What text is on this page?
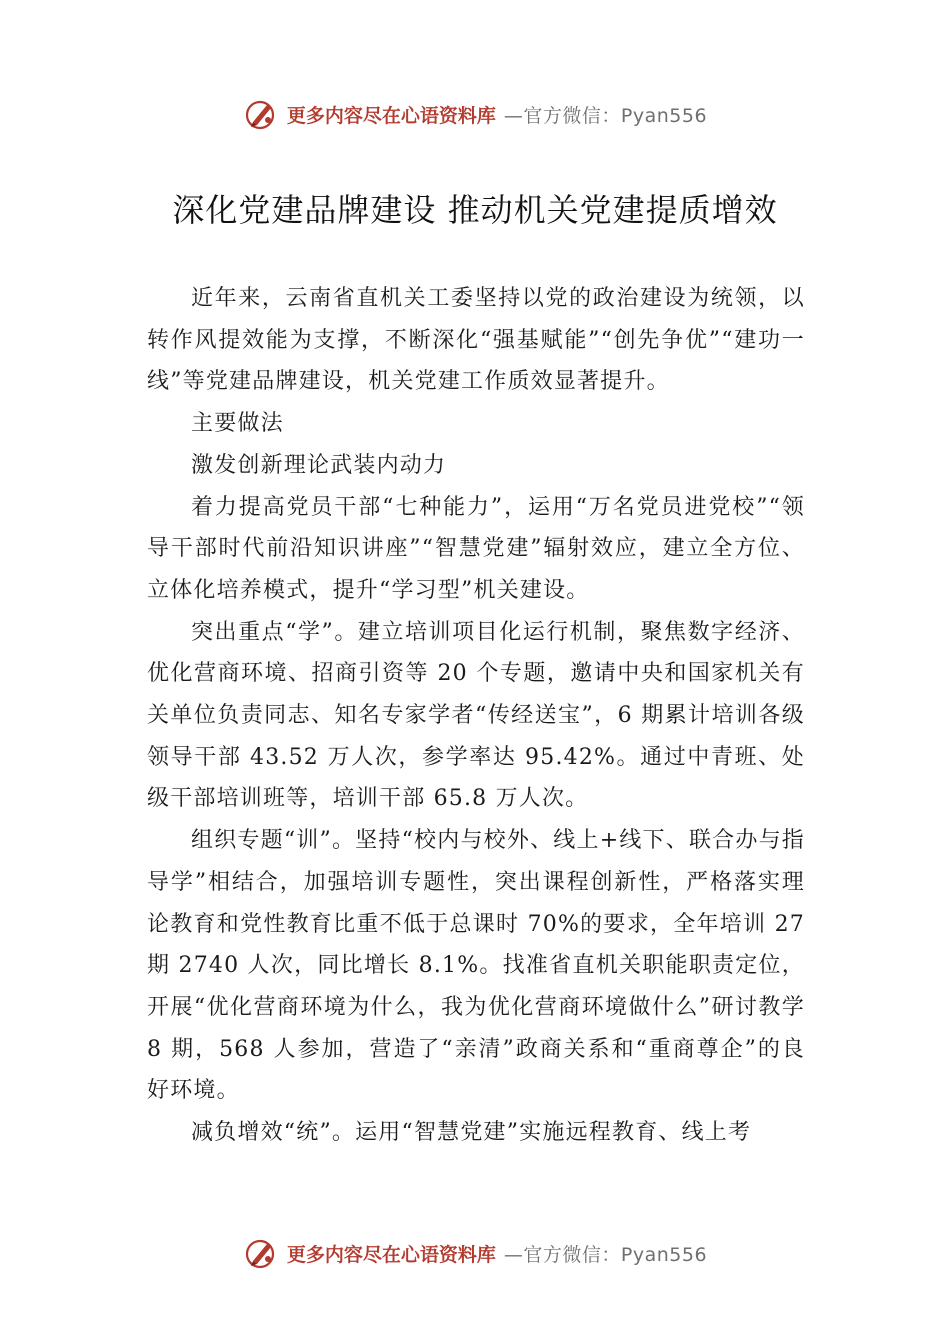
更多内容尽在心语资料库 —官方微信：Pyan556
深化党建品牌建设 推动机关党建提质增效

近年来，云南省直机关工委坚持以党的政治建设为统领，以转作风提效能为支撑，不断深化“强基赋能”“创先争优”“建功一线”等党建品牌建设，机关党建工作质效显著提升。

主要做法

激发创新理论武装内动力

着力提高党员干部“七种能力”，运用“万名党员进党校”“领导干部时代前沿知识讲座”“智慧党建”辐射效应，建立全方位、立体化培养模式，提升“学习型”机关建设。

突出重点“学”。建立培训项目化运行机制，聚焦数字经济、优化营商环境、招商引资等 20 个专题，邀请中央和国家机关有关单位负责同志、知名专家学者“传经送宝”，6 期累计培训各级领导干部 43.52 万人次，参学率达 95.42%。通过中青班、处级干部培训班等，培训干部 65.8 万人次。

组织专题“训”。坚持“校内与校外、线上+线下、联合办与指导学”相结合，加强培训专题性，突出课程创新性，严格落实理论教育和党性教育比重不低于总课时 70%的要求，全年培训 27 期 2740 人次，同比增长 8.1%。找准省直机关职能职责定位，开展“优化营商环境为什么，我为优化营商环境做什么”研讨教学 8 期，568 人参加，营造了“亲清”政商关系和“重商尊企”的良好环境。

减负增效“统”。运用“智慧党建”实施远程教育、线上考

更多内容尽在心语资料库 —官方微信：Pyan556
